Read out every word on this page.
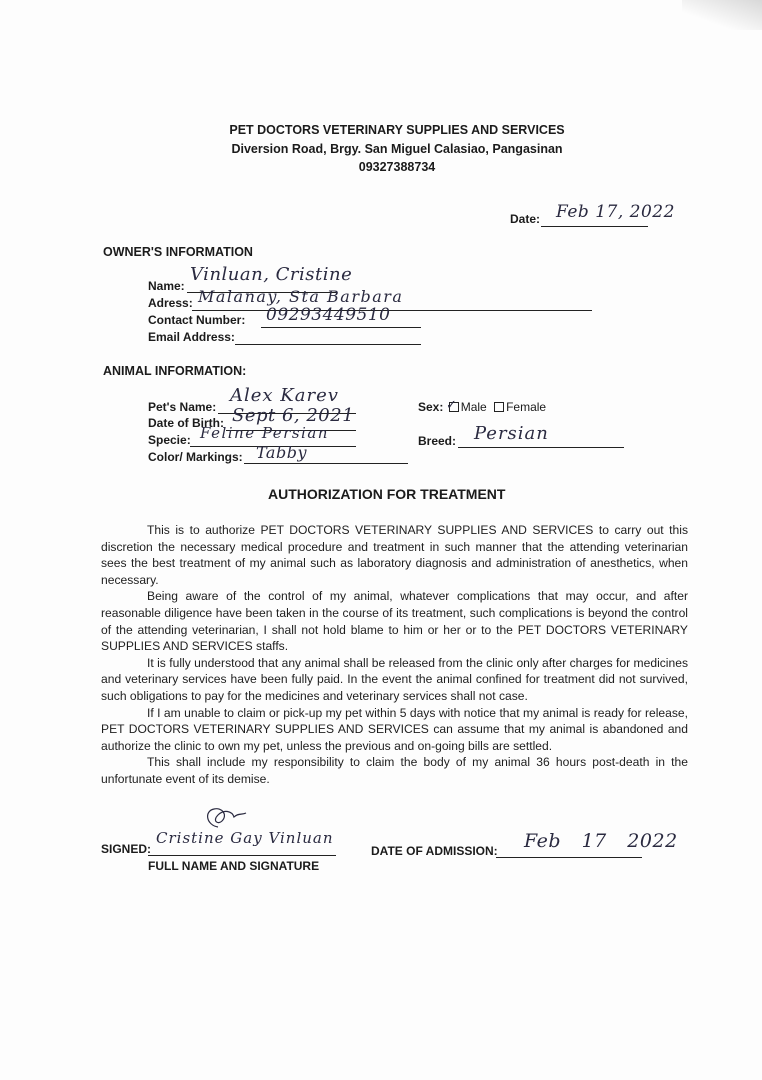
PET DOCTORS VETERINARY SUPPLIES AND SERVICES
Diversion Road, Brgy. San Miguel Calasiao, Pangasinan
09327388734
Date: Feb 17, 2022
OWNER'S INFORMATION
Name:
Vinluan, Cristine
Adress: Malanay, Sta Barbara
Contact Number: 09293449510
Email Address:
ANIMAL INFORMATION:
Pet's Name:
Alex Karev
Date of Birth: Sept 6, 2021
Specie: Feline Persian
Color/ Markings: Tabby
Sex: Male Female
✓
Breed: Persian
AUTHORIZATION FOR TREATMENT

This is to authorize PET DOCTORS VETERINARY SUPPLIES AND SERVICES to carry out this discretion the necessary medical procedure and treatment in such manner that the attending veterinarian sees the best treatment of my animal such as laboratory diagnosis and administration of anesthetics, when necessary.

Being aware of the control of my animal, whatever complications that may occur, and after reasonable diligence have been taken in the course of its treatment, such complications is beyond the control of the attending veterinarian, I shall not hold blame to him or her or to the PET DOCTORS VETERINARY SUPPLIES AND SERVICES staffs.

It is fully understood that any animal shall be released from the clinic only after charges for medicines and veterinary services have been fully paid. In the event the animal confined for treatment did not survived, such obligations to pay for the medicines and veterinary services shall not case.

If I am unable to claim or pick-up my pet within 5 days with notice that my animal is ready for release, PET DOCTORS VETERINARY SUPPLIES AND SERVICES can assume that my animal is abandoned and authorize the clinic to own my pet, unless the previous and on-going bills are settled.

This shall include my responsibility to claim the body of my animal 36 hours post-death in the unfortunate event of its demise.

SIGNED:
Cristine Gay Vinluan
FULL NAME AND SIGNATURE
DATE OF ADMISSION: Feb 17 2022
